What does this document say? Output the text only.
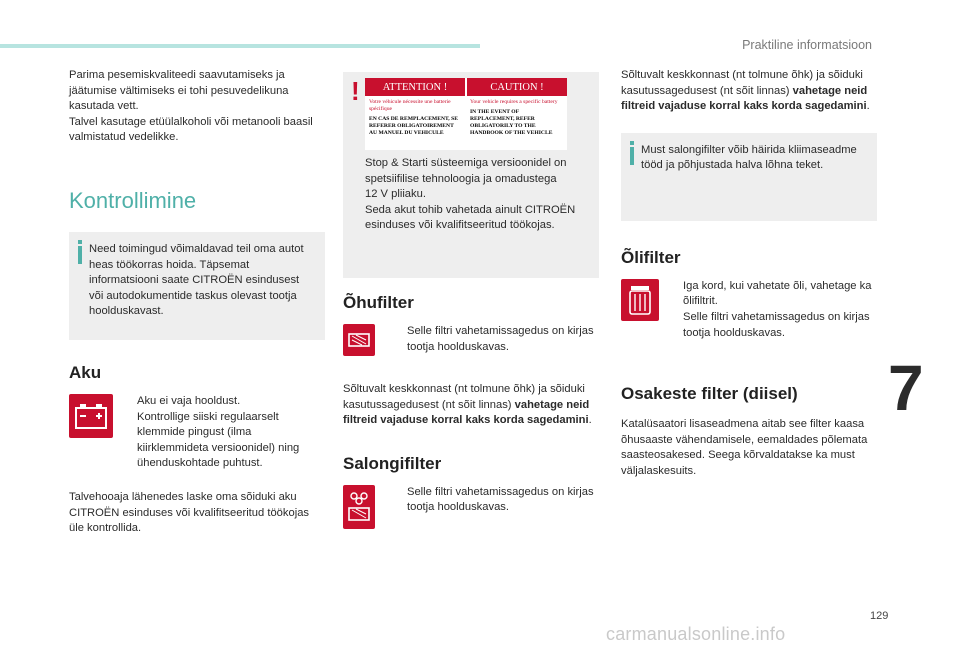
Praktiline informatsioon
7
129
carmanualsonline.info

Parima pesemiskvaliteedi saavutamiseks ja jäätumise vältimiseks ei tohi pesuvedelikuna kasutada vett.

Talvel kasutage etüülalkoholi või metanooli baasil valmistatud vedelikke.

Kontrollimine

Need toimingud võimaldavad teil oma autot heas töökorras hoida. Täpsemat informatsiooni saate CITROËN esindusest või autodokumentide taskus olevast tootja hoolduskavast.

Aku

Aku ei vaja hooldust.

Kontrollige siiski regulaarselt klemmide pingust (ilma kiirklemmideta versioonidel) ning ühenduskohtade puhtust.

Talvehooaja lähenedes laske oma sõiduki aku CITROËN esinduses või kvalifitseeritud töökojas üle kontrollida.

!	ATTENTION !	CAUTION !
Votre véhicule nécessite une batterie spécifique
EN CAS DE REMPLACEMENT, SE REFERER OBLIGATOIREMENT AU MANUEL DU VEHICULE
Your vehicle requires a specific battery
IN THE EVENT OF REPLACEMENT, REFER OBLIGATORILY TO THE HANDBOOK OF THE VEHICLE

Stop & Starti süsteemiga versioonidel on spetsiifilise tehnoloogia ja omadustega

12 V pliiaku.

Seda akut tohib vahetada ainult CITROËN esinduses või kvalifitseeritud töökojas.

Õhufilter

Selle filtri vahetamissagedus on kirjas tootja hoolduskavas.

Sõltuvalt keskkonnast (nt tolmune õhk) ja sõiduki kasutussagedusest (nt sõit linnas) vahetage neid filtreid vajaduse korral kaks korda sagedamini.

Salongifilter

Selle filtri vahetamissagedus on kirjas tootja hoolduskavas.

Sõltuvalt keskkonnast (nt tolmune õhk) ja sõiduki kasutussagedusest (nt sõit linnas) vahetage neid filtreid vajaduse korral kaks korda sagedamini.

Must salongifilter võib häirida kliimaseadme tööd ja põhjustada halva lõhna teket.

Õlifilter

Iga kord, kui vahetate õli, vahetage ka õlifiltrit.

Selle filtri vahetamissagedus on kirjas tootja hoolduskavas.

Osakeste filter (diisel)

Katalüsaatori lisaseadmena aitab see filter kaasa õhusaaste vähendamisele, eemaldades põlemata saasteosakesed. Seega kõrvaldatakse ka must väljalaskesuits.
